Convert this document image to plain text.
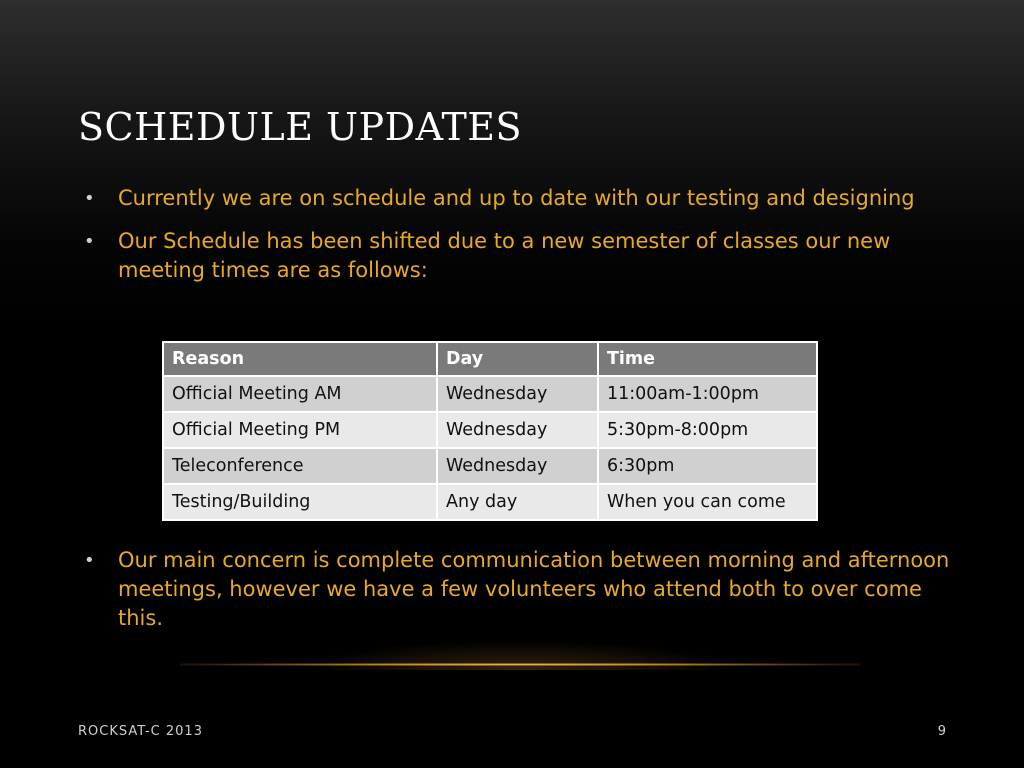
SCHEDULE UPDATES
• Currently we are on schedule and up to date with our testing and designing
• Our Schedule has been shifted due to a new semester of classes our new meeting times are as follows:
Reason	Day	Time
Official Meeting AM	Wednesday	11:00am-1:00pm
Official Meeting PM	Wednesday	5:30pm-8:00pm
Teleconference	Wednesday	6:30pm
Testing/Building	Any day	When you can come
• Our main concern is complete communication between morning and afternoon meetings, however we have a few volunteers who attend both to over come this.
ROCKSAT-C 2013	9
